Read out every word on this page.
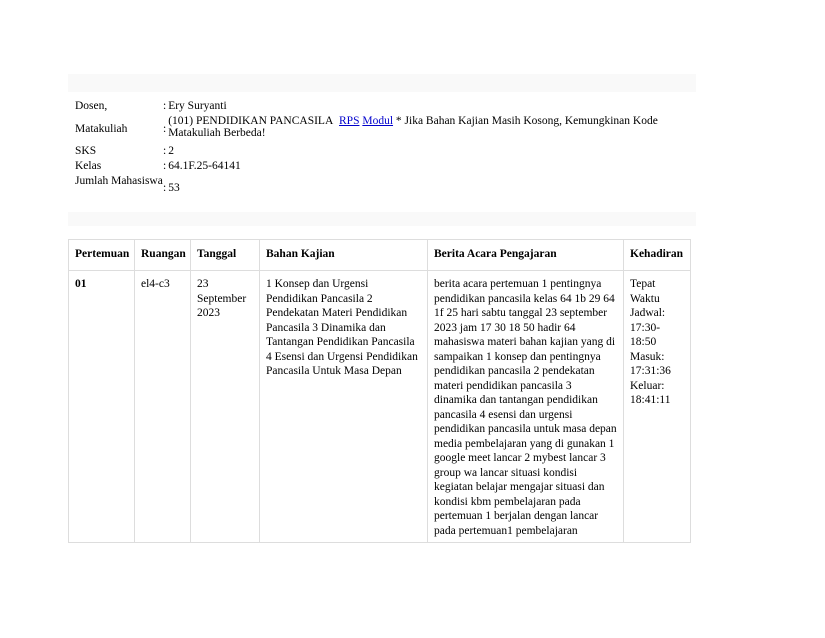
Dosen,	: Ery Suryanti
Matakuliah	:
(101) PENDIDIKAN PANCASILA RPS Modul * Jika Bahan Kajian Masih Kosong, Kemungkinan Kode Matakuliah Berbeda!
SKS	: 2
Kelas	: 64.1F.25-64141
Jumlah Mahasiswa
: 53
Pertemuan	Ruangan	Tanggal	Bahan Kajian	Berita Acara Pengajaran	Kehadiran
01	el4-c3	23 September 2023	1 Konsep dan Urgensi Pendidikan Pancasila 2 Pendekatan Materi Pendidikan Pancasila 3 Dinamika dan Tantangan Pendidikan Pancasila 4 Esensi dan Urgensi Pendidikan Pancasila Untuk Masa Depan	berita acara pertemuan 1 pentingnya pendidikan pancasila kelas 64 1b 29 64 1f 25 hari sabtu tanggal 23 september 2023 jam 17 30 18 50 hadir 64 mahasiswa materi bahan kajian yang di sampaikan 1 konsep dan pentingnya pendidikan pancasila 2 pendekatan materi pendidikan pancasila 3 dinamika dan tantangan pendidikan pancasila 4 esensi dan urgensi pendidikan pancasila untuk masa depan media pembelajaran yang di gunakan 1 google meet lancar 2 mybest lancar 3 group wa lancar situasi kondisi kegiatan belajar mengajar situasi dan kondisi kbm pembelajaran pada pertemuan 1 berjalan dengan lancar pada pertemuan1 pembelajaran	Tepat Waktu Jadwal: 17:30-18:50 Masuk: 17:31:36 Keluar: 18:41:11
